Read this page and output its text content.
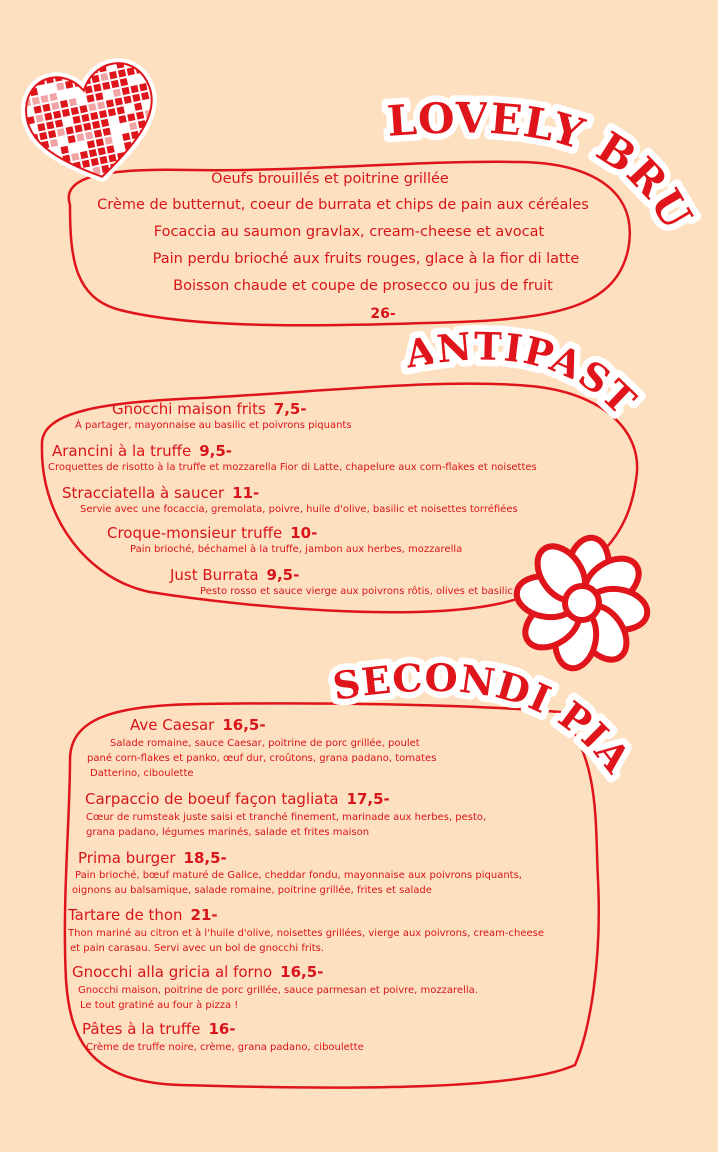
LOVELY BRUNCH
Oeufs brouillés et poitrine grillée
Crème de butternut, coeur de burrata et chips de pain aux céréales
Focaccia au saumon gravlax, cream-cheese et avocat
Pain perdu brioché aux fruits rouges, glace à la fior di latte
Boisson chaude et coupe de prosecco ou jus de fruit
26-
ANTIPASTI
Gnocchi maison frits 7,5-
À partager, mayonnaise au basilic et poivrons piquants
Arancini à la truffe 9,5-
Croquettes de risotto à la truffe et mozzarella Fior di Latte, chapelure aux corn-flakes et noisettes
Stracciatella à saucer 11-
Servie avec une focaccia, gremolata, poivre, huile d'olive, basilic et noisettes torréfiées
Croque-monsieur truffe 10-
Pain brioché, béchamel à la truffe, jambon aux herbes, mozzarella
Just Burrata 9,5-
Pesto rosso et sauce vierge aux poivrons rôtis, olives et basilic
SECONDI PIATTI
Ave Caesar 16,5-
Salade romaine, sauce Caesar, poitrine de porc grillée, poulet
pané corn-flakes et panko, œuf dur, croûtons, grana padano, tomates
Datterino, ciboulette
Carpaccio de boeuf façon tagliata 17,5-
Cœur de rumsteak juste saisi et tranché finement, marinade aux herbes, pesto,
grana padano, légumes marinés, salade et frites maison
Prima burger 18,5-
Pain brioché, bœuf maturé de Galice, cheddar fondu, mayonnaise aux poivrons piquants,
oignons au balsamique, salade romaine, poitrine grillée, frites et salade
Tartare de thon 21-
Thon mariné au citron et à l'huile d'olive, noisettes grillées, vierge aux poivrons, cream-cheese
et pain carasau. Servi avec un bol de gnocchi frits.
Gnocchi alla gricia al forno 16,5-
Gnocchi maison, poitrine de porc grillée, sauce parmesan et poivre, mozzarella.
Le tout gratiné au four à pizza !
Pâtes à la truffe 16-
Crème de truffe noire, crème, grana padano, ciboulette
